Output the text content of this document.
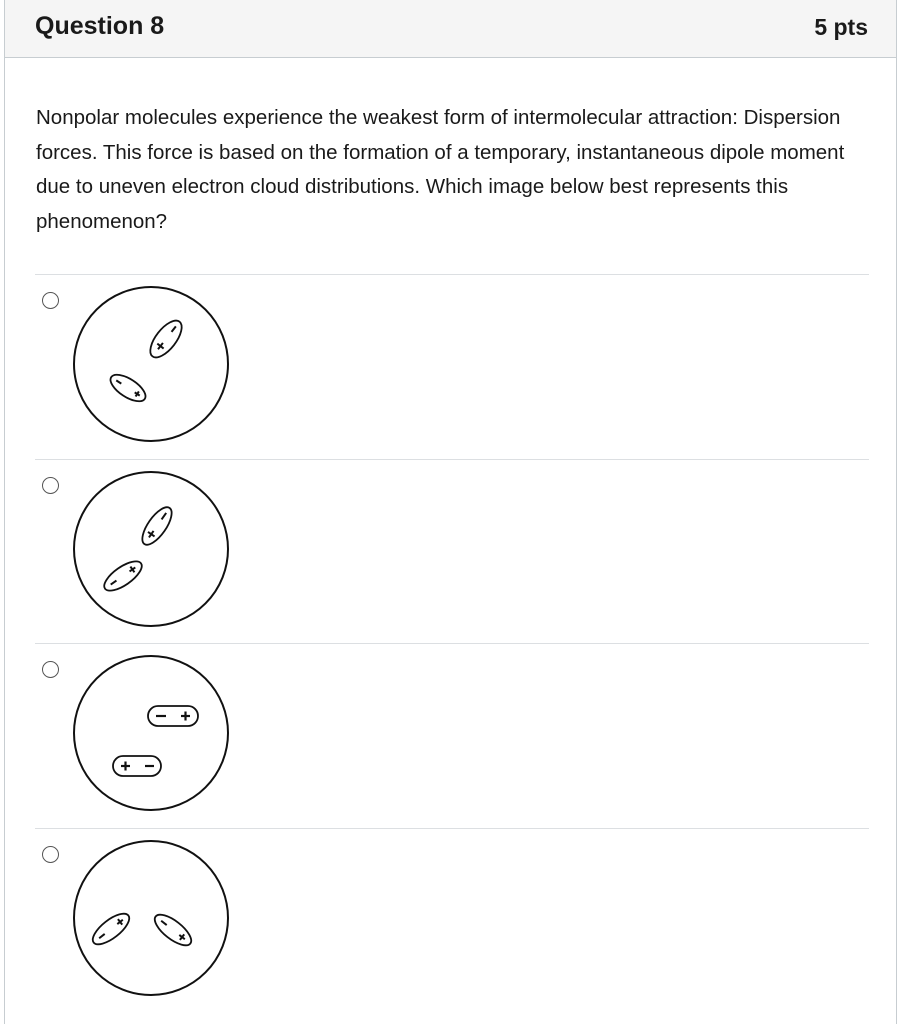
Question 8	5 pts
Nonpolar molecules experience the weakest form of intermolecular attraction: Dispersion forces. This force is based on the formation of a temporary, instantaneous dipole moment due to uneven electron cloud distributions. Which image below best represents this phenomenon?
